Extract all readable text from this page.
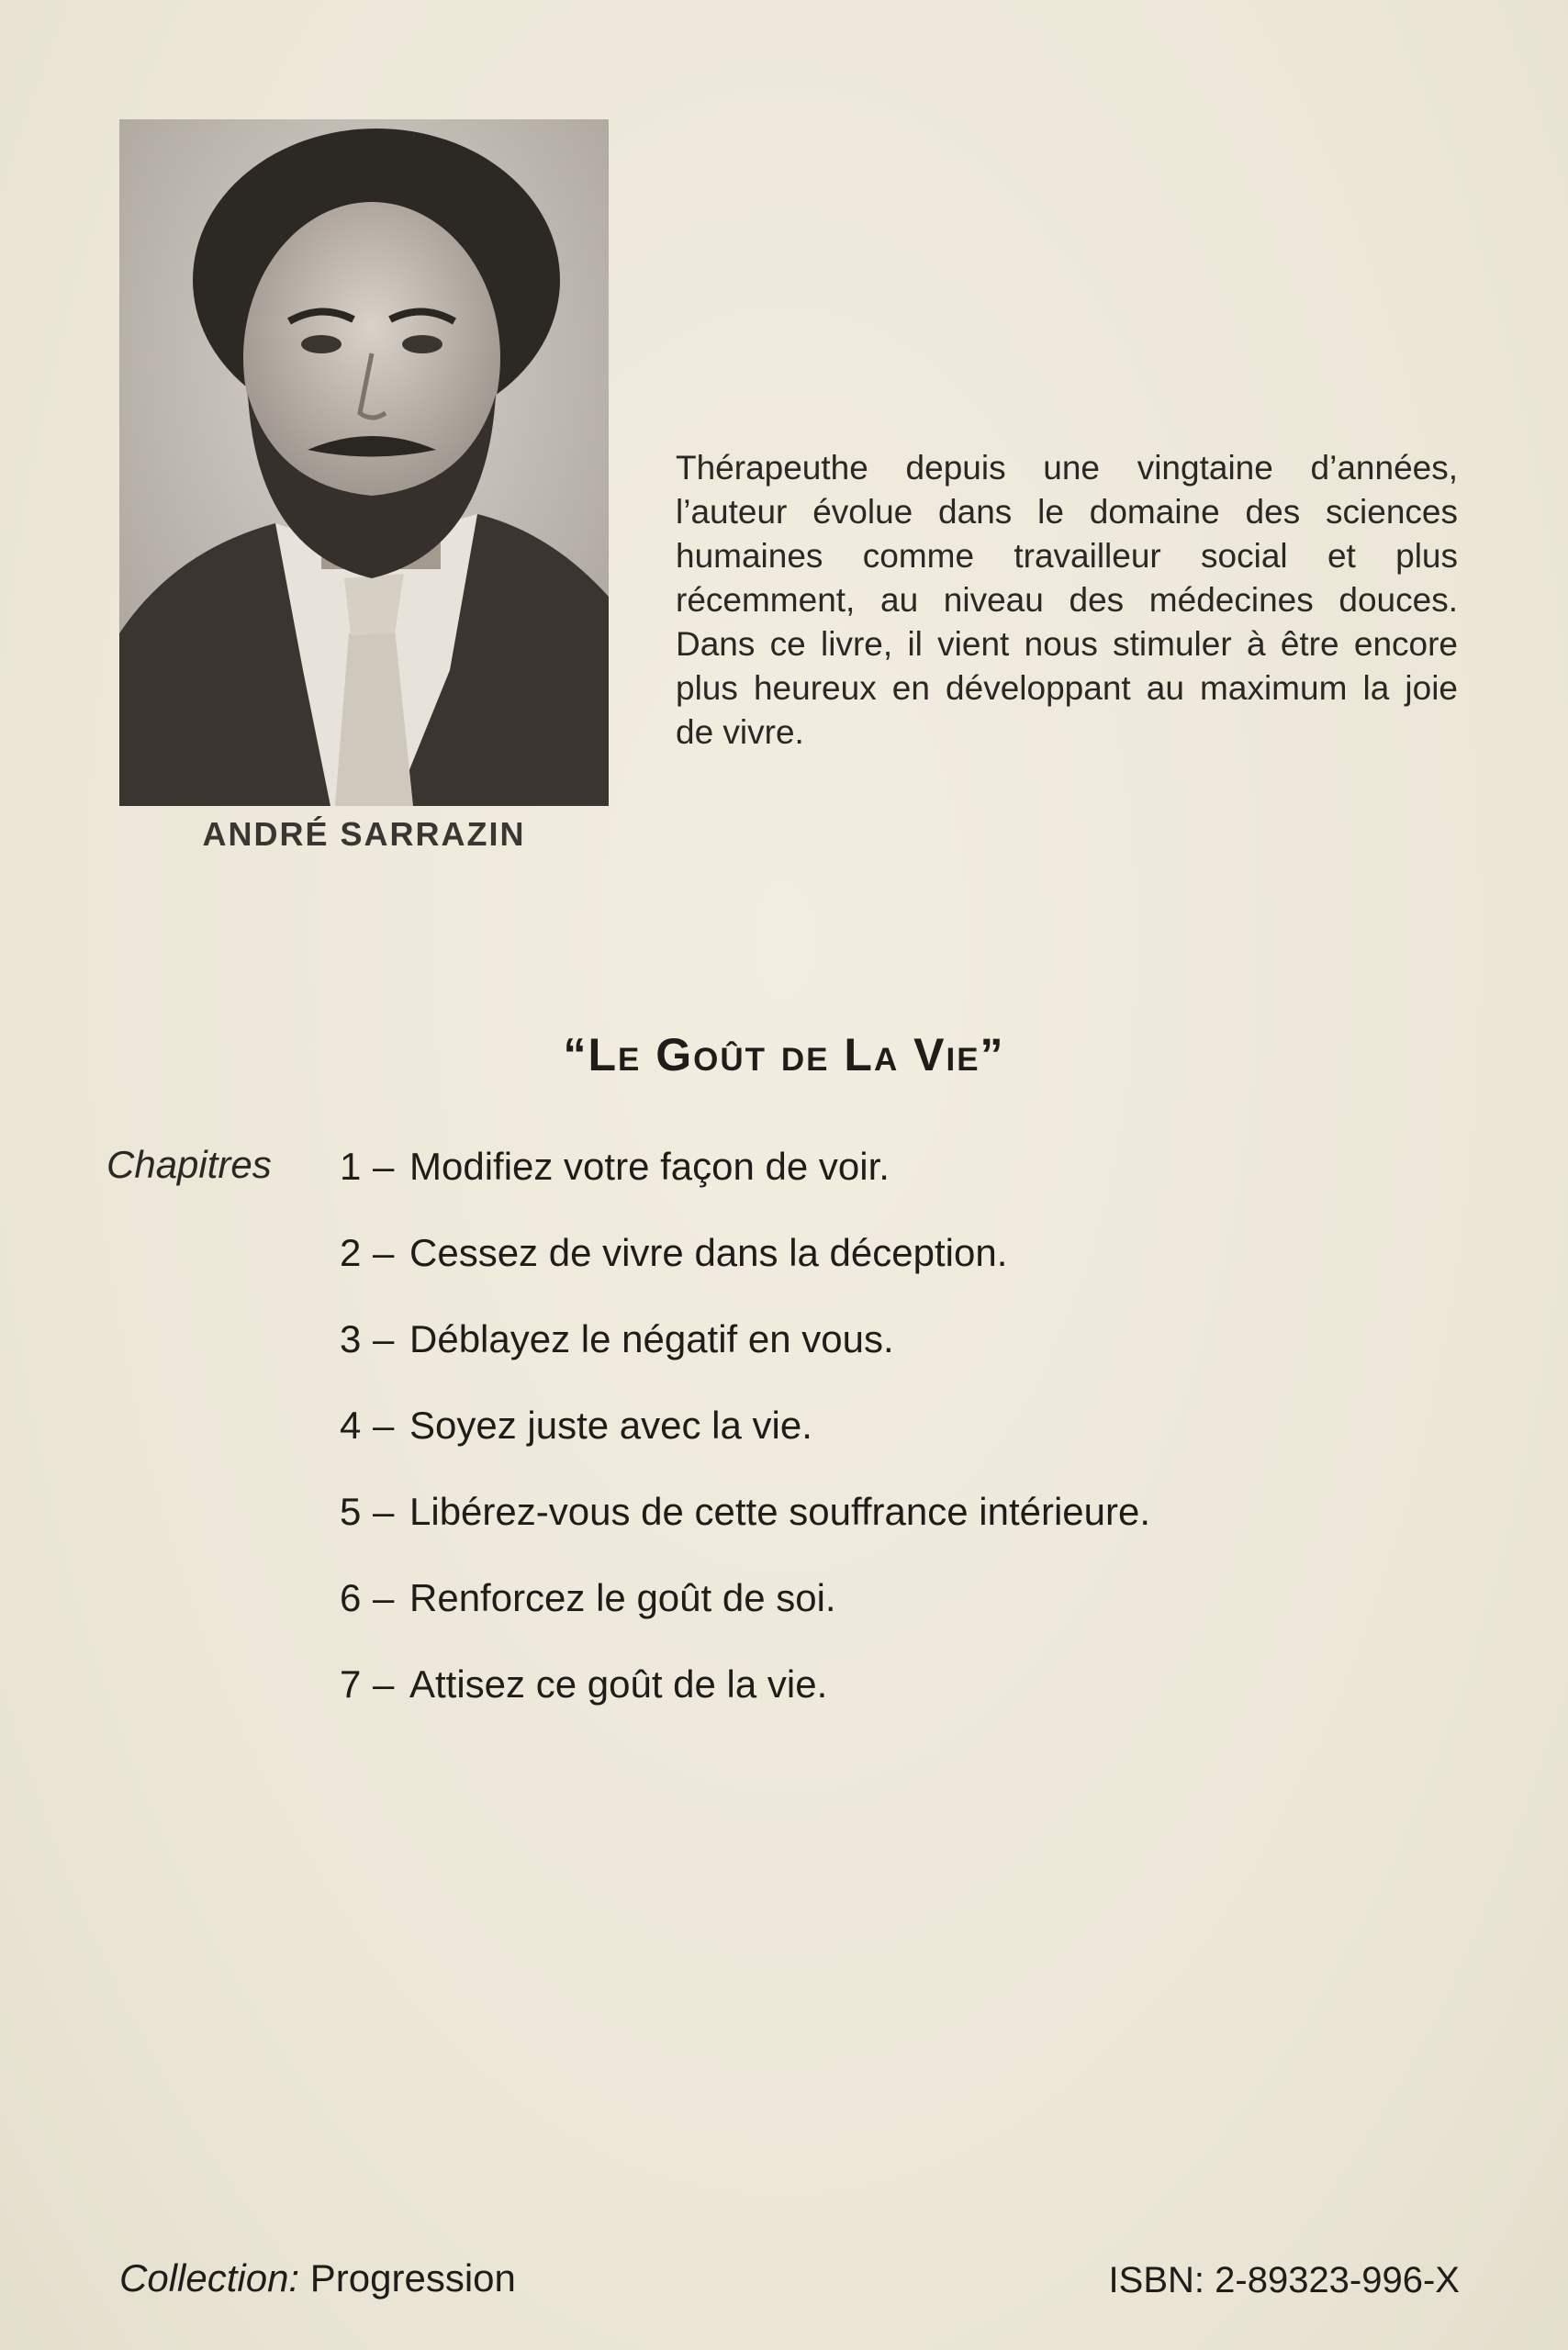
ANDRÉ SARRAZIN
Thérapeuthe depuis une vingtaine d’années, l’auteur évolue dans le domaine des sciences humaines comme travailleur social et plus récemment, au niveau des médecines douces. Dans ce livre, il vient nous stimuler à être encore plus heureux en développant au maximum la joie de vivre.
“Le Goût de La Vie”
Chapitres 1 – Modifiez votre façon de voir.
2 – Cessez de vivre dans la déception.
3 – Déblayez le négatif en vous.
4 – Soyez juste avec la vie.
5 – Libérez-vous de cette souffrance intérieure.
6 – Renforcez le goût de soi.
7 – Attisez ce goût de la vie.
Collection: Progression	ISBN: 2-89323-996-X
